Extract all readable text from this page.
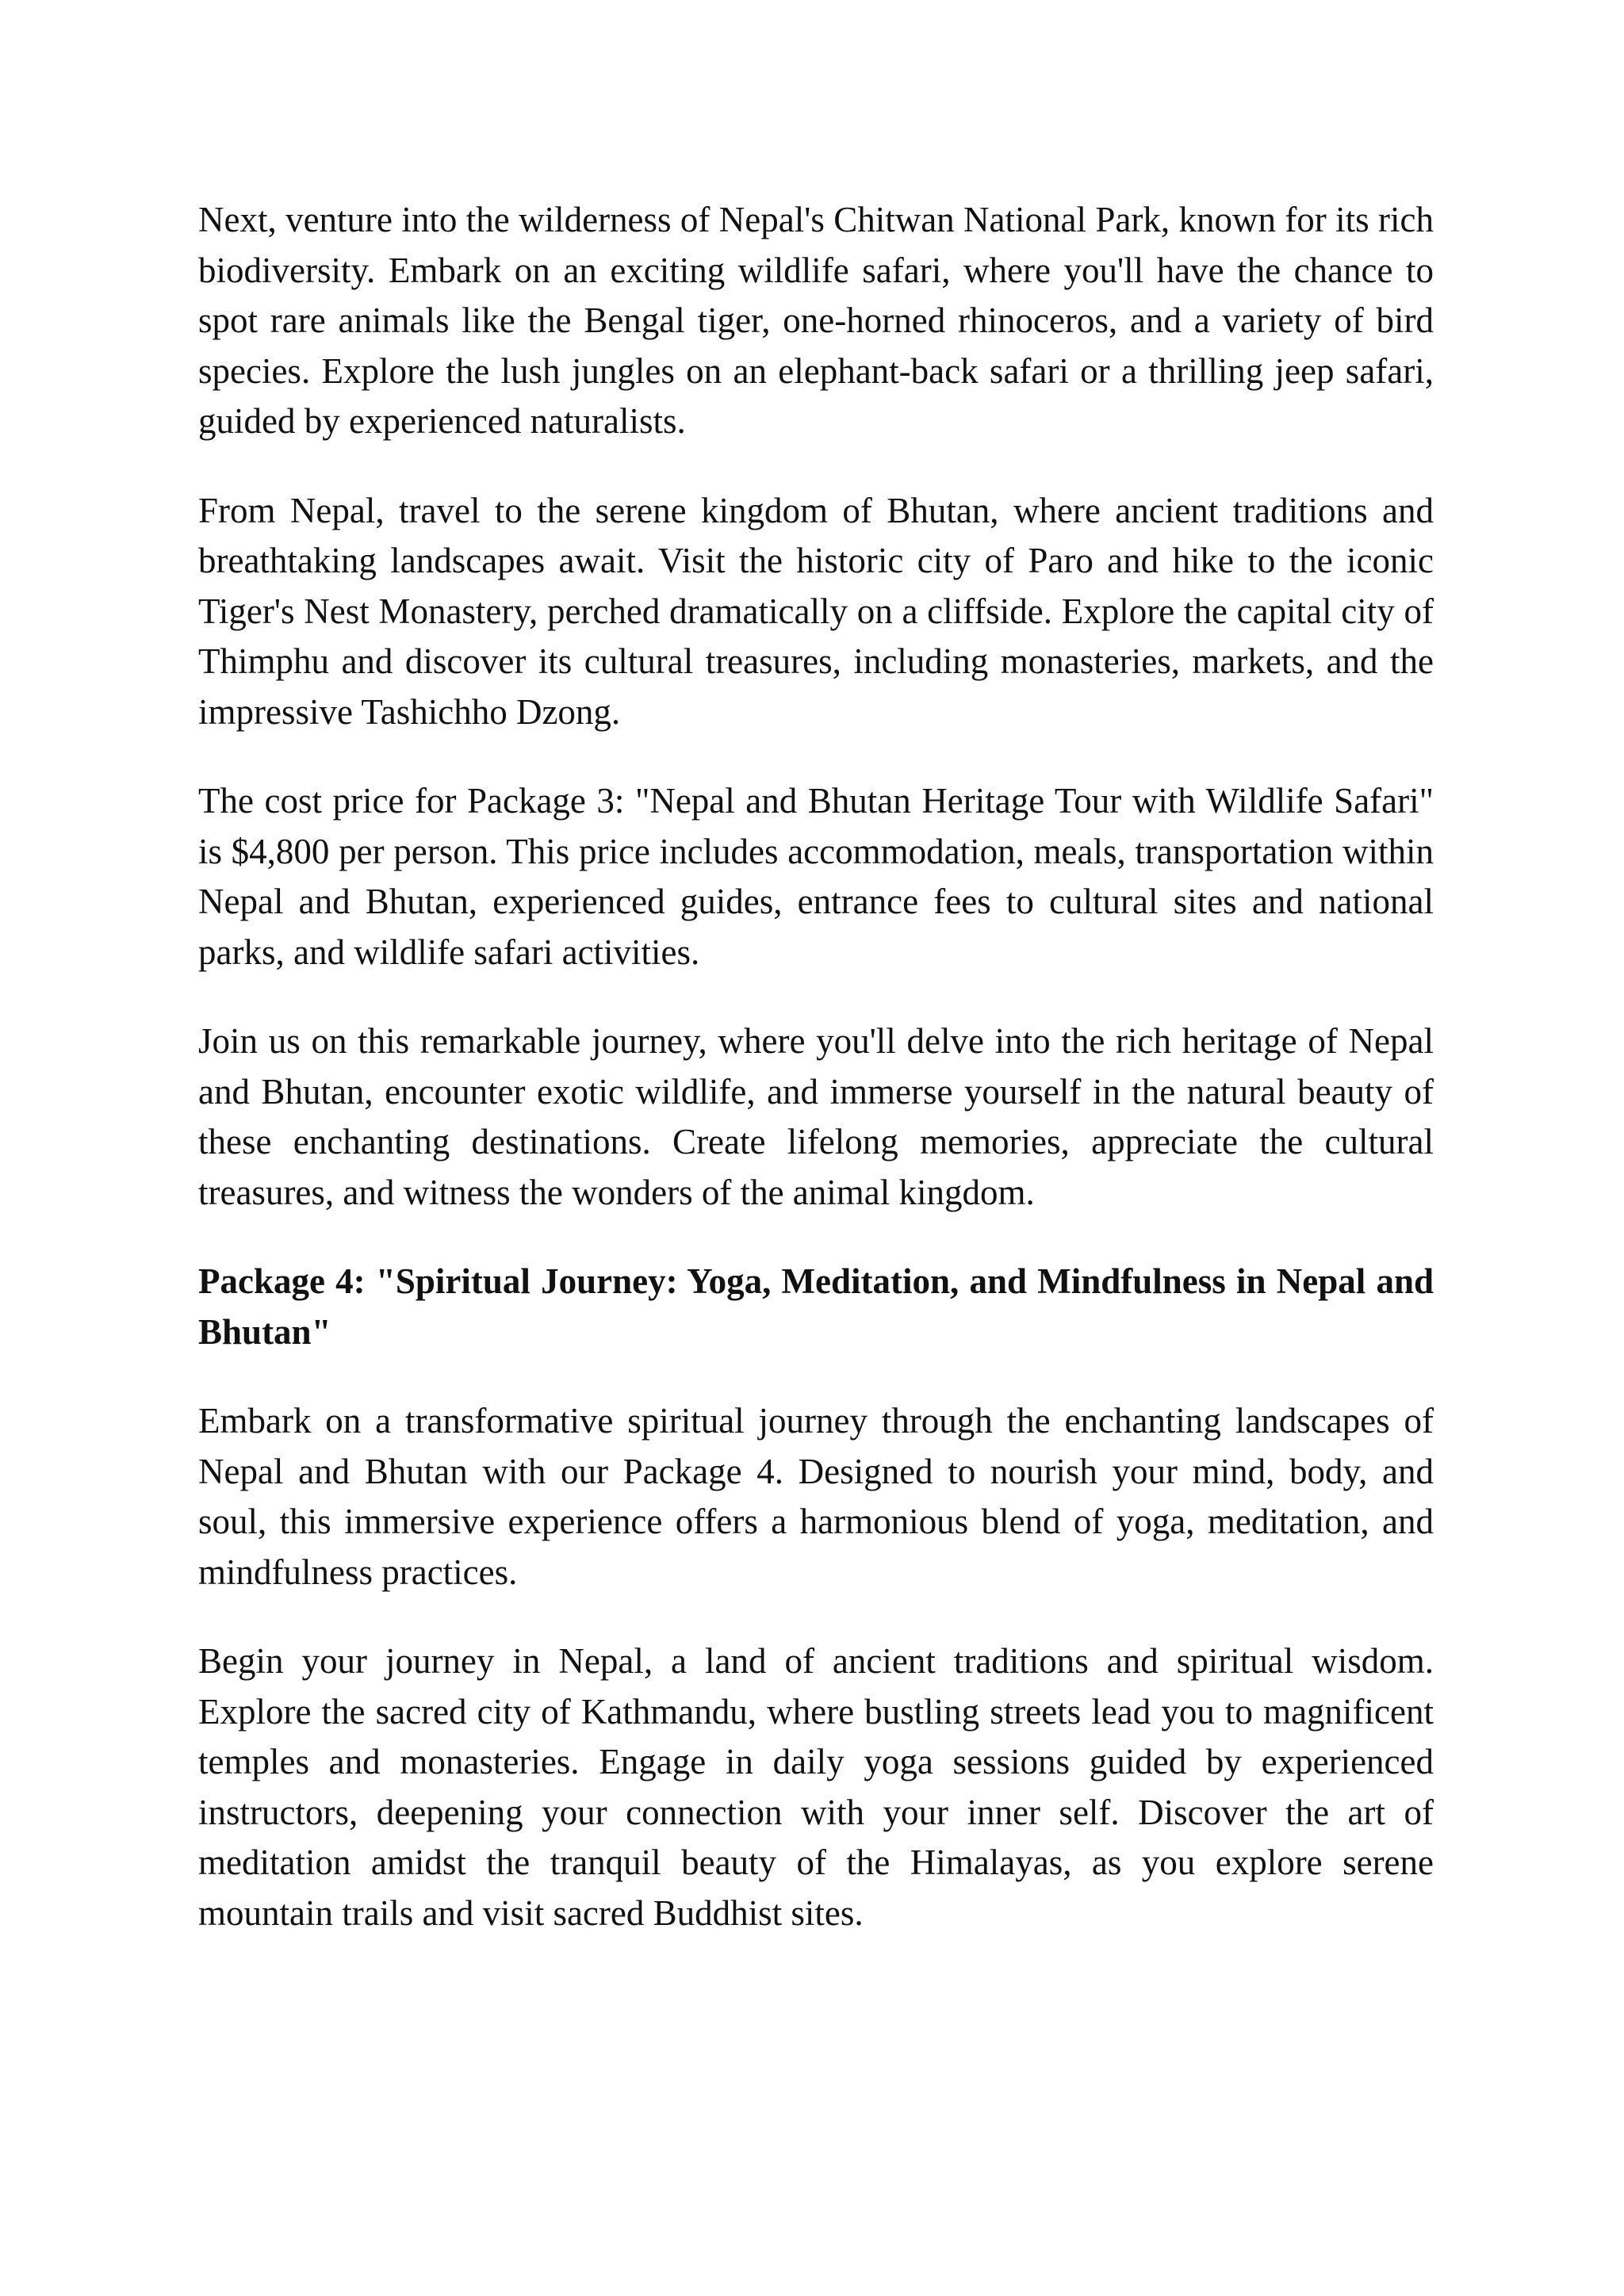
Next, venture into the wilderness of Nepal's Chitwan National Park, known for its rich biodiversity. Embark on an exciting wildlife safari, where you'll have the chance to spot rare animals like the Bengal tiger, one-horned rhinoceros, and a variety of bird species. Explore the lush jungles on an elephant-back safari or a thrilling jeep safari, guided by experienced naturalists.

From Nepal, travel to the serene kingdom of Bhutan, where ancient traditions and breathtaking landscapes await. Visit the historic city of Paro and hike to the iconic Tiger's Nest Monastery, perched dramatically on a cliffside. Explore the capital city of Thimphu and discover its cultural treasures, including monasteries, markets, and the impressive Tashichho Dzong.

The cost price for Package 3: "Nepal and Bhutan Heritage Tour with Wildlife Safari" is $4,800 per person. This price includes accommodation, meals, transportation within Nepal and Bhutan, experienced guides, entrance fees to cultural sites and national parks, and wildlife safari activities.

Join us on this remarkable journey, where you'll delve into the rich heritage of Nepal and Bhutan, encounter exotic wildlife, and immerse yourself in the natural beauty of these enchanting destinations. Create lifelong memories, appreciate the cultural treasures, and witness the wonders of the animal kingdom.

Package 4: "Spiritual Journey: Yoga, Meditation, and Mindfulness in Nepal and Bhutan"

Embark on a transformative spiritual journey through the enchanting landscapes of Nepal and Bhutan with our Package 4. Designed to nourish your mind, body, and soul, this immersive experience offers a harmonious blend of yoga, meditation, and mindfulness practices.

Begin your journey in Nepal, a land of ancient traditions and spiritual wisdom. Explore the sacred city of Kathmandu, where bustling streets lead you to magnificent temples and monasteries. Engage in daily yoga sessions guided by experienced instructors, deepening your connection with your inner self. Discover the art of meditation amidst the tranquil beauty of the Himalayas, as you explore serene mountain trails and visit sacred Buddhist sites.
